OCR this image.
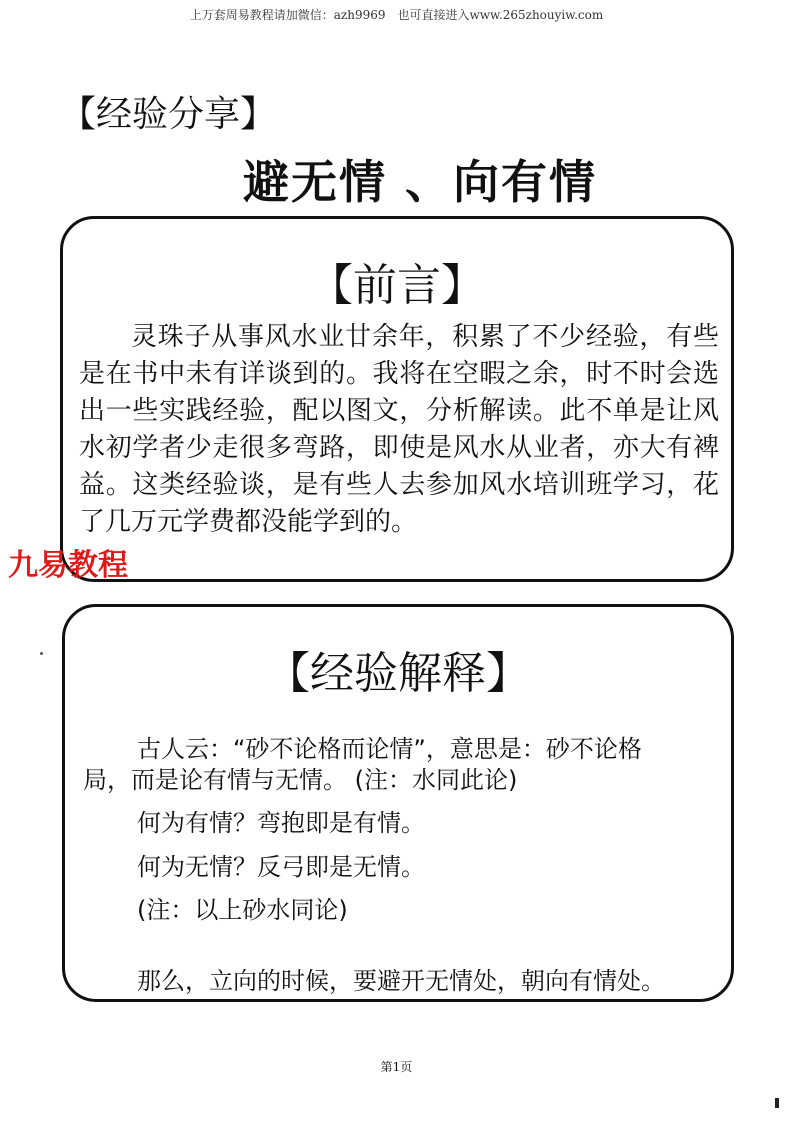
上万套周易教程请加微信：azh9969　也可直接进入www.265zhouyiw.com
【经验分享】
避无情 、向有情
【前言】
灵珠子从事风水业廿余年，积累了不少经验，有些是在书中未有详谈到的。我将在空暇之余，时不时会选出一些实践经验，配以图文，分析解读。此不单是让风水初学者少走很多弯路，即使是风水从业者，亦大有裨益。这类经验谈，是有些人去参加风水培训班学习，花了几万元学费都没能学到的。
九易教程
【经验解释】
古人云：“砂不论格而论情”，意思是：砂不论格
局，而是论有情与无情。 (注：水同此论)
何为有情？弯抱即是有情。
何为无情？反弓即是无情。
(注：以上砂水同论)
那么，立向的时候，要避开无情处，朝向有情处。
第1页
